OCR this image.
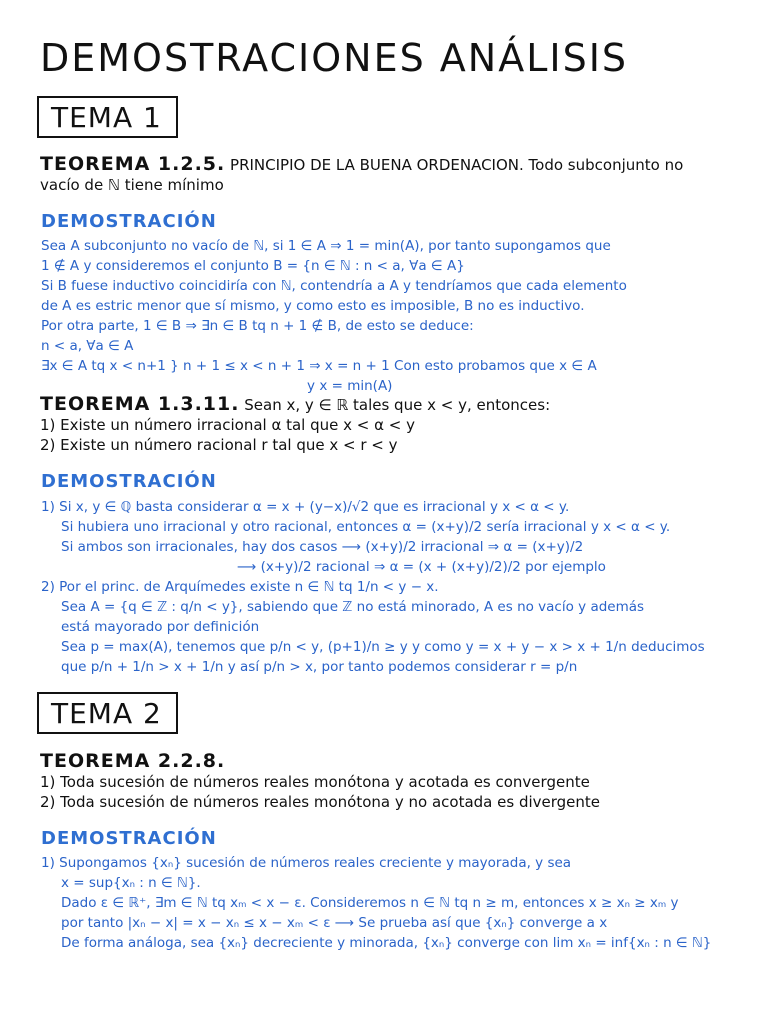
DEMOSTRACIONES ANÁLISIS
TEMA 1
TEOREMA 1.2.5. PRINCIPIO DE LA BUENA ORDENACION. Todo subconjunto no
vacío de ℕ tiene mínimo
DEMOSTRACIÓN
Sea A subconjunto no vacío de ℕ, si 1 ∈ A ⇒ 1 = min(A), por tanto supongamos que
1 ∉ A y consideremos el conjunto B = {n ∈ ℕ : n < a, ∀a ∈ A}
Si B fuese inductivo coincidiría con ℕ, contendría a A y tendríamos que cada elemento
de A es estric menor que sí mismo, y como esto es imposible, B no es inductivo.
Por otra parte, 1 ∈ B ⇒ ∃n ∈ B tq n + 1 ∉ B, de esto se deduce:
n < a, ∀a ∈ A
∃x ∈ A tq x < n+1 } n + 1 ≤ x < n + 1 ⇒ x = n + 1 Con esto probamos que x ∈ A
y x = min(A)
TEOREMA 1.3.11. Sean x, y ∈ ℝ tales que x < y, entonces:
1) Existe un número irracional α tal que x < α < y
2) Existe un número racional r tal que x < r < y
DEMOSTRACIÓN
1) Si x, y ∈ ℚ basta considerar α = x + (y−x)/√2 que es irracional y x < α < y.
Si hubiera uno irracional y otro racional, entonces α = (x+y)/2 sería irracional y x < α < y.
Si ambos son irracionales, hay dos casos ⟶ (x+y)/2 irracional ⇒ α = (x+y)/2
⟶ (x+y)/2 racional ⇒ α = (x + (x+y)/2)/2 por ejemplo
2) Por el princ. de Arquímedes existe n ∈ ℕ tq 1/n < y − x.
Sea A = {q ∈ ℤ : q/n < y}, sabiendo que ℤ no está minorado, A es no vacío y además
está mayorado por definición
Sea p = max(A), tenemos que p/n < y, (p+1)/n ≥ y y como y = x + y − x > x + 1/n deducimos
que p/n + 1/n > x + 1/n y así p/n > x, por tanto podemos considerar r = p/n
TEMA 2
TEOREMA 2.2.8.
1) Toda sucesión de números reales monótona y acotada es convergente
2) Toda sucesión de números reales monótona y no acotada es divergente
DEMOSTRACIÓN
1) Supongamos {xₙ} sucesión de números reales creciente y mayorada, y sea
x = sup{xₙ : n ∈ ℕ}.
Dado ε ∈ ℝ⁺, ∃m ∈ ℕ tq xₘ < x − ε. Consideremos n ∈ ℕ tq n ≥ m, entonces x ≥ xₙ ≥ xₘ y
por tanto |xₙ − x| = x − xₙ ≤ x − xₘ < ε ⟶ Se prueba así que {xₙ} converge a x
De forma análoga, sea {xₙ} decreciente y minorada, {xₙ} converge con lim xₙ = inf{xₙ : n ∈ ℕ}
